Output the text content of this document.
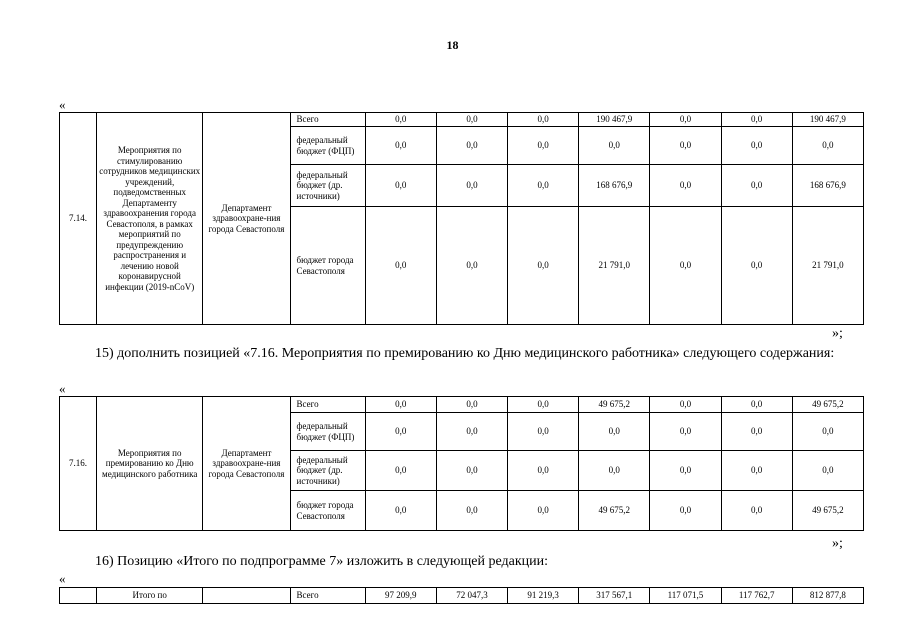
18
«
7.14.	Мероприятия по стимулированию сотрудников медицинских учреждений, подведомственных Департаменту здравоохранения города Севастополя, в рамках мероприятий по предупреждению распространения и лечению новой коронавирусной инфекции (2019-nCoV)	Департамент здравоохране-ния города Севастополя	Всего	0,0	0,0	0,0	190 467,9	0,0	0,0	190 467,9
			федеральный бюджет (ФЦП)	0,0	0,0	0,0	0,0	0,0	0,0	0,0
			федеральный бюджет (др. источники)	0,0	0,0	0,0	168 676,9	0,0	0,0	168 676,9
			бюджет города Севастополя	0,0	0,0	0,0	21 791,0	0,0	0,0	21 791,0
»;
15) дополнить позицией «7.16. Мероприятия по премированию ко Дню медицинского работника» следующего содержания:
«
7.16.	Мероприятия по премированию ко Дню медицинского работника	Департамент здравоохране-ния города Севастополя	Всего	0,0	0,0	0,0	49 675,2	0,0	0,0	49 675,2
			федеральный бюджет (ФЦП)	0,0	0,0	0,0	0,0	0,0	0,0	0,0
			федеральный бюджет (др. источники)	0,0	0,0	0,0	0,0	0,0	0,0	0,0
			бюджет города Севастополя	0,0	0,0	0,0	49 675,2	0,0	0,0	49 675,2
»;
16) Позицию «Итого по подпрограмме 7» изложить в следующей редакции:
«
	Итого по		Всего	97 209,9	72 047,3	91 219,3	317 567,1	117 071,5	117 762,7	812 877,8
